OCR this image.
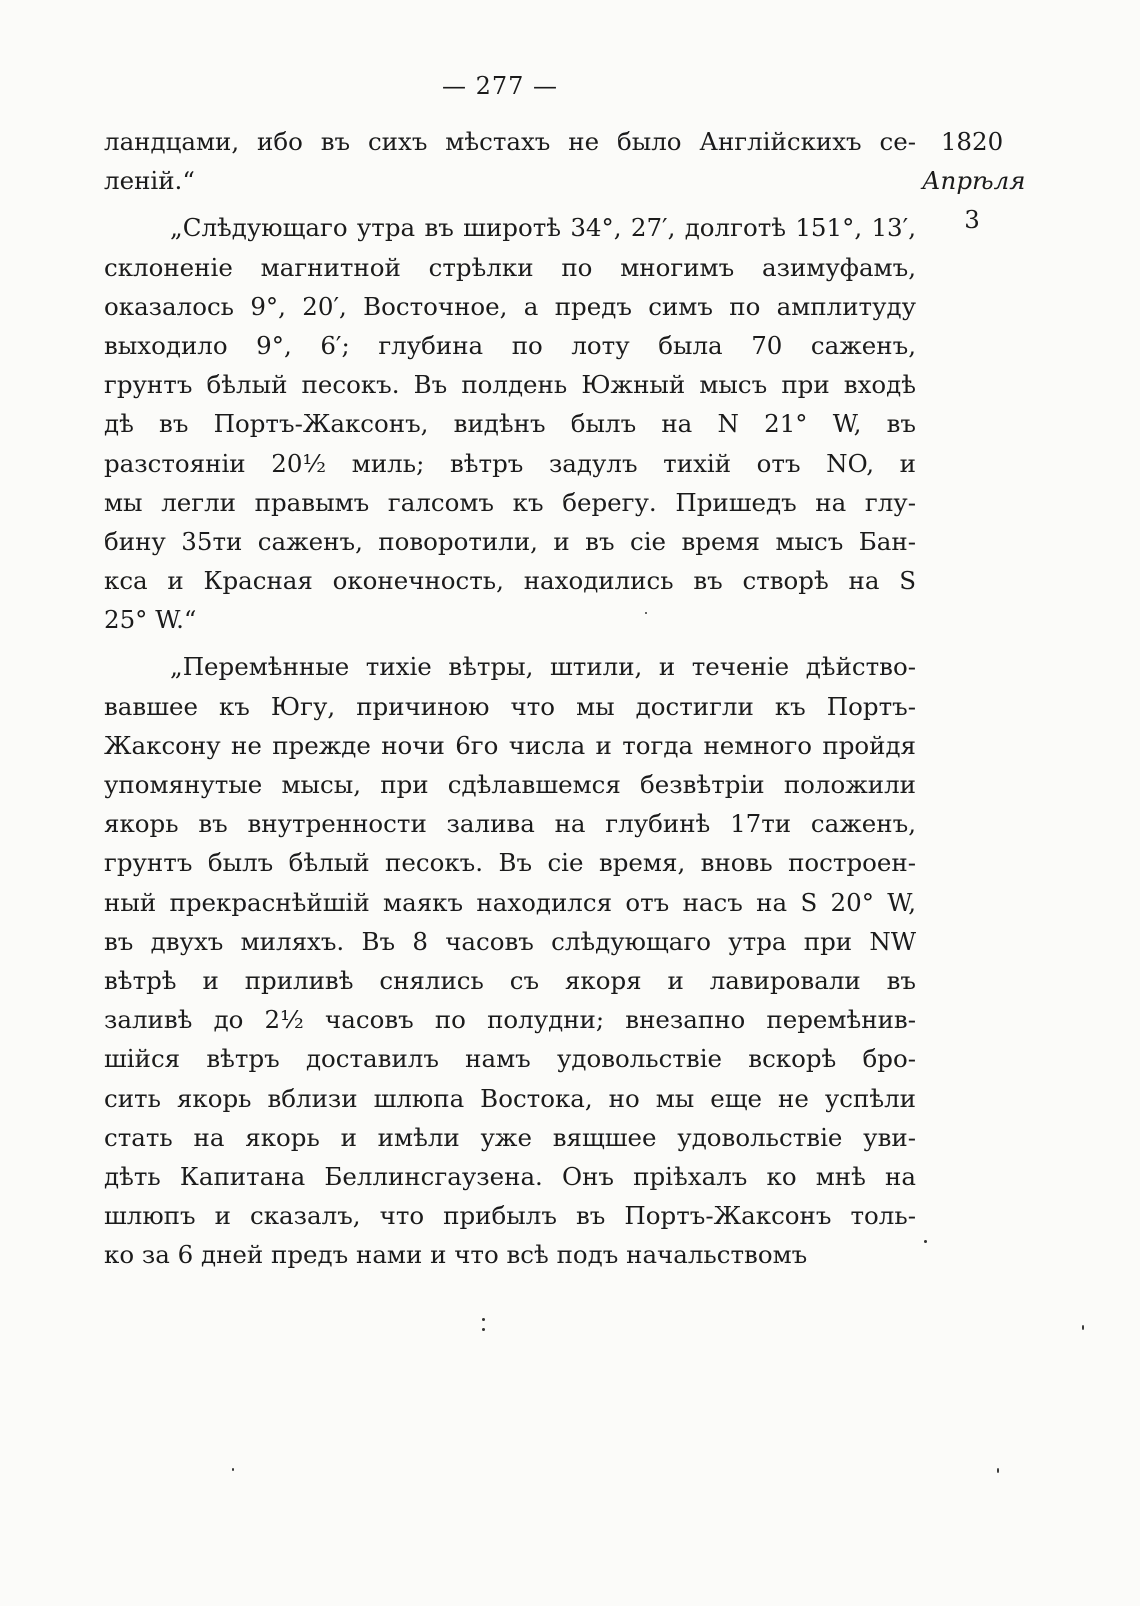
— 277 —
1820
Апрѣля
3
ландцами, ибо въ сихъ мѣстахъ не было Англійскихъ се-
леній.“
„Слѣдующаго утра въ широтѣ 34°, 27′, долготѣ 151°, 13′,
склоненіе магнитной стрѣлки по многимъ азимуфамъ,
оказалось 9°, 20′, Восточное, а предъ симъ по амплитуду
выходило 9°, 6′; глубина по лоту была 70 саженъ,
грунтъ бѣлый песокъ. Въ полдень Южный мысъ при входѣ
дѣ въ Портъ-Жаксонъ, видѣнъ былъ на N 21° W, въ
разстояніи 20½ миль; вѣтръ задулъ тихій отъ NO, и
мы легли правымъ галсомъ къ берегу. Пришедъ на глу-
бину 35ти саженъ, поворотили, и въ сіе время мысъ Бан-
кса и Красная оконечность, находились въ створѣ на S
25° W.“
„Перемѣнные тихіе вѣтры, штили, и теченіе дѣйство-
вавшее къ Югу, причиною что мы достигли къ Портъ-
Жаксону не прежде ночи 6го числа и тогда немного пройдя
упомянутые мысы, при сдѣлавшемся безвѣтріи положили
якорь въ внутренности залива на глубинѣ 17ти саженъ,
грунтъ былъ бѣлый песокъ. Въ сіе время, вновь построен-
ный прекраснѣйшій маякъ находился отъ насъ на S 20° W,
въ двухъ миляхъ. Въ 8 часовъ слѣдующаго утра при NW
вѣтрѣ и приливѣ снялись съ якоря и лавировали въ
заливѣ до 2½ часовъ по полудни; внезапно перемѣнив-
шійся вѣтръ доставилъ намъ удовольствіе вскорѣ бро-
сить якорь вблизи шлюпа Востока, но мы еще не успѣли
стать на якорь и имѣли уже вящшее удовольствіе уви-
дѣть Капитана Беллинсгаузена. Онъ пріѣхалъ ко мнѣ на
шлюпъ и сказалъ, что прибылъ въ Портъ-Жаксонъ толь-
ко за 6 дней предъ нами и что всѣ подъ начальствомъ
